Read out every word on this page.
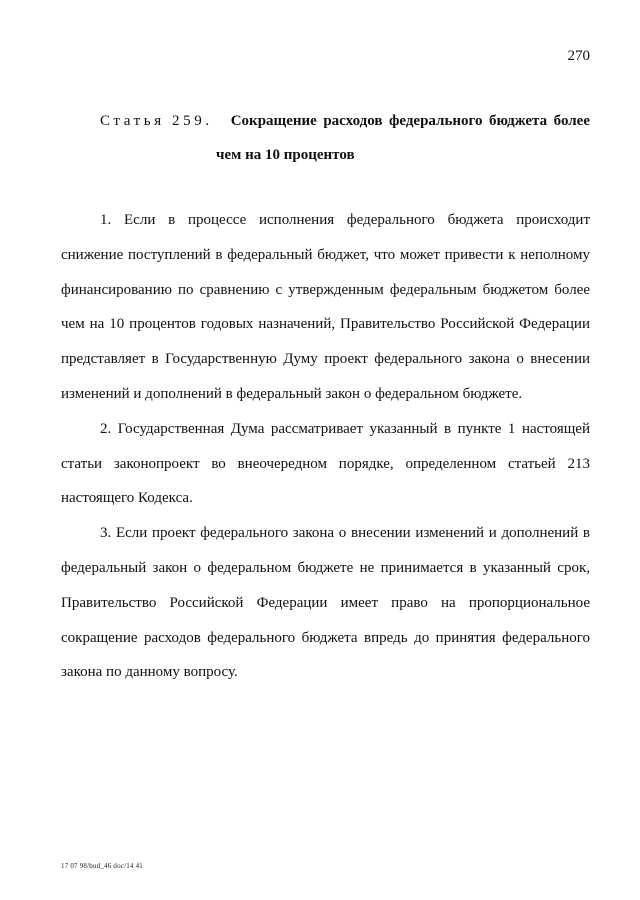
270
Статья 259. Сокращение расходов федерального бюджета более
чем на 10 процентов
1. Если в процессе исполнения федерального бюджета происходит
снижение поступлений в федеральный бюджет, что может привести к неполному
финансированию по сравнению с утвержденным федеральным бюджетом более
чем на 10 процентов годовых назначений, Правительство Российской Федерации
представляет в Государственную Думу проект федерального закона о внесении
изменений и дополнений в федеральный закон о федеральном бюджете.
2. Государственная Дума рассматривает указанный в пункте 1 настоящей
статьи законопроект во внеочередном порядке, определенном статьей 213
настоящего Кодекса.
3. Если проект федерального закона о внесении изменений и дополнений в
федеральный закон о федеральном бюджете не принимается в указанный срок,
Правительство Российской Федерации имеет право на пропорциональное
сокращение расходов федерального бюджета впредь до принятия федерального
закона по данному вопросу.
17 07 98/bud_46 doc/14 41
